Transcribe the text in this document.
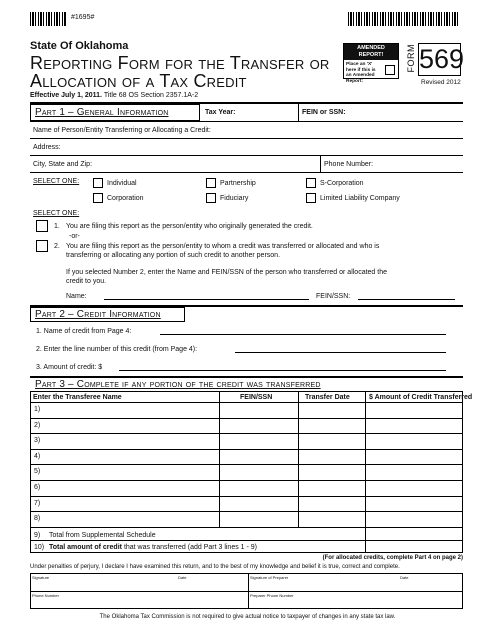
#1695#
State Of Oklahoma
Reporting Form for the Transfer or
Allocation of a Tax Credit
Effective July 1, 2011. Title 68 OS Section 2357.1A-2
AMENDED
REPORT!
Place an 'X' here if this is an Amended Report:
FORM 569
Revised 2012
Part 1 – General Information	Tax Year:	FEIN or SSN:
Name of Person/Entity Transferring or Allocating a Credit:
Address:
City, State and Zip:	Phone Number:
SELECT ONE:	Individual	Partnership	S-Corporation
Corporation	Fiduciary	Limited Liability Company
SELECT ONE:
1. You are filing this report as the person/entity who originally generated the credit.
-or-
2. You are filing this report as the person/entity to whom a credit was transferred or allocated and who is
transferring or allocating any portion of such credit to another person.
If you selected Number 2, enter the Name and FEIN/SSN of the person who transferred or allocated the
credit to you.
Name:	FEIN/SSN:
Part 2 – Credit Information
1. Name of credit from Page 4:
2. Enter the line number of this credit (from Page 4):
3. Amount of credit: $
Part 3 – Complete if any portion of the credit was transferred
Enter the Transferee Name	FEIN/SSN	Transfer Date	$ Amount of Credit Transferred
1)
2)
3)
4)
5)
6)
7)
8)
9) Total from Supplemental Schedule
10) Total amount of credit that was transferred (add Part 3 lines 1 - 9)
(For allocated credits, complete Part 4 on page 2)
Under penalties of perjury, I declare I have examined this return, and to the best of my knowledge and belief it is true, correct and complete.
Signature	Date	Signature of Preparer	Date
Phone Number	Preparer Phone Number
The Oklahoma Tax Commission is not required to give actual notice to taxpayer of changes in any state tax law.
